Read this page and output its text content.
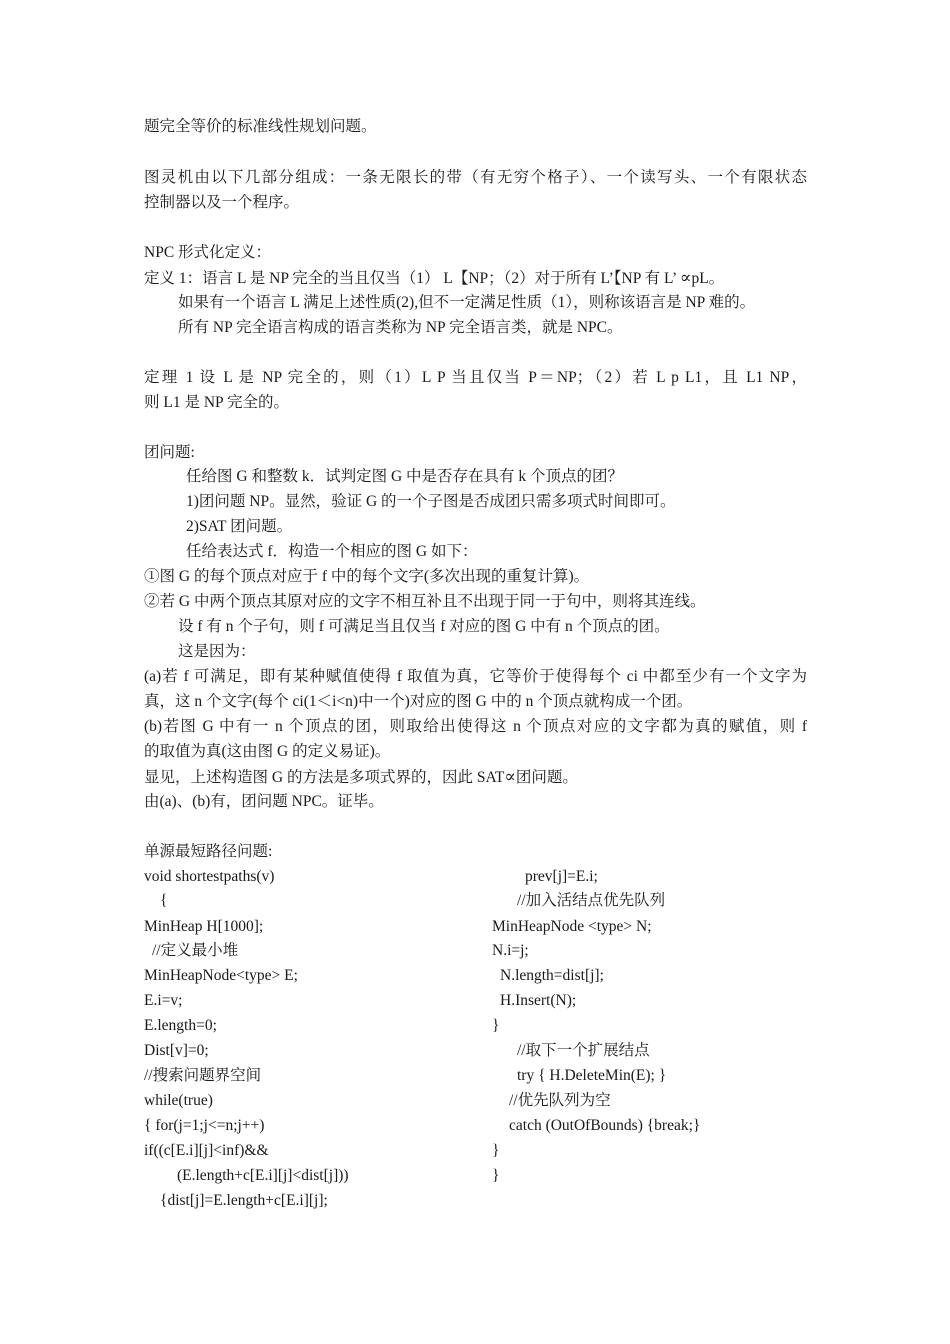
题完全等价的标准线性规划问题。
图灵机由以下几部分组成：一条无限长的带（有无穷个格子）、一个读写头、一个有限状态
控制器以及一个程序。
NPC 形式化定义：
定义 1：语言 L 是 NP 完全的当且仅当（1） L【NP；（2）对于所有 L’【NP 有 L’ ∝pL。
如果有一个语言 L 满足上述性质(2),但不一定满足性质（1），则称该语言是 NP 难的。
所有 NP 完全语言构成的语言类称为 NP 完全语言类，就是 NPC。
定理 1 设 L 是 NP 完全的，则（1）L P 当且仅当 P＝NP；（2）若 L p L1，且 L1 NP，
则 L1 是 NP 完全的。
团问题:
任给图 G 和整数 k．试判定图 G 中是否存在具有 k 个顶点的团？
1)团问题 NP。显然，验证 G 的一个子图是否成团只需多项式时间即可。
2)SAT 团问题。
任给表达式 f．构造一个相应的图 G 如下：
①图 G 的每个顶点对应于 f 中的每个文字(多次出现的重复计算)。
②若 G 中两个顶点其原对应的文字不相互补且不出现于同一于句中，则将其连线。
设 f 有 n 个子句，则 f 可满足当且仅当 f 对应的图 G 中有 n 个顶点的团。
这是因为：
(a)若 f 可满足，即有某种赋值使得 f 取值为真，它等价于使得每个 ci 中都至少有一个文字为
真，这 n 个文字(每个 ci(1＜i<n)中一个)对应的图 G 中的 n 个顶点就构成一个团。
(b)若图 G 中有一 n 个顶点的团，则取给出使得这 n 个顶点对应的文字都为真的赋值，则 f
的取值为真(这由图 G 的定义易证)。
显见，上述构造图 G 的方法是多项式界的，因此 SAT∝团问题。
由(a)、(b)有，团问题 NPC。证毕。
单源最短路径问题:
void shortestpaths(v)
{
MinHeap H[1000];
//定义最小堆
MinHeapNode<type> E;
E.i=v;
E.length=0;
Dist[v]=0;
//搜索问题界空间
while(true)
{ for(j=1;j<=n;j++)
if((c[E.i][j]<inf)&&
(E.length+c[E.i][j]<dist[j]))
{dist[j]=E.length+c[E.i][j];
prev[j]=E.i;
//加入活结点优先队列
MinHeapNode <type> N;
N.i=j;
N.length=dist[j];
H.Insert(N);
}
//取下一个扩展结点
try { H.DeleteMin(E); }
//优先队列为空
catch (OutOfBounds) {break;}
}
}
